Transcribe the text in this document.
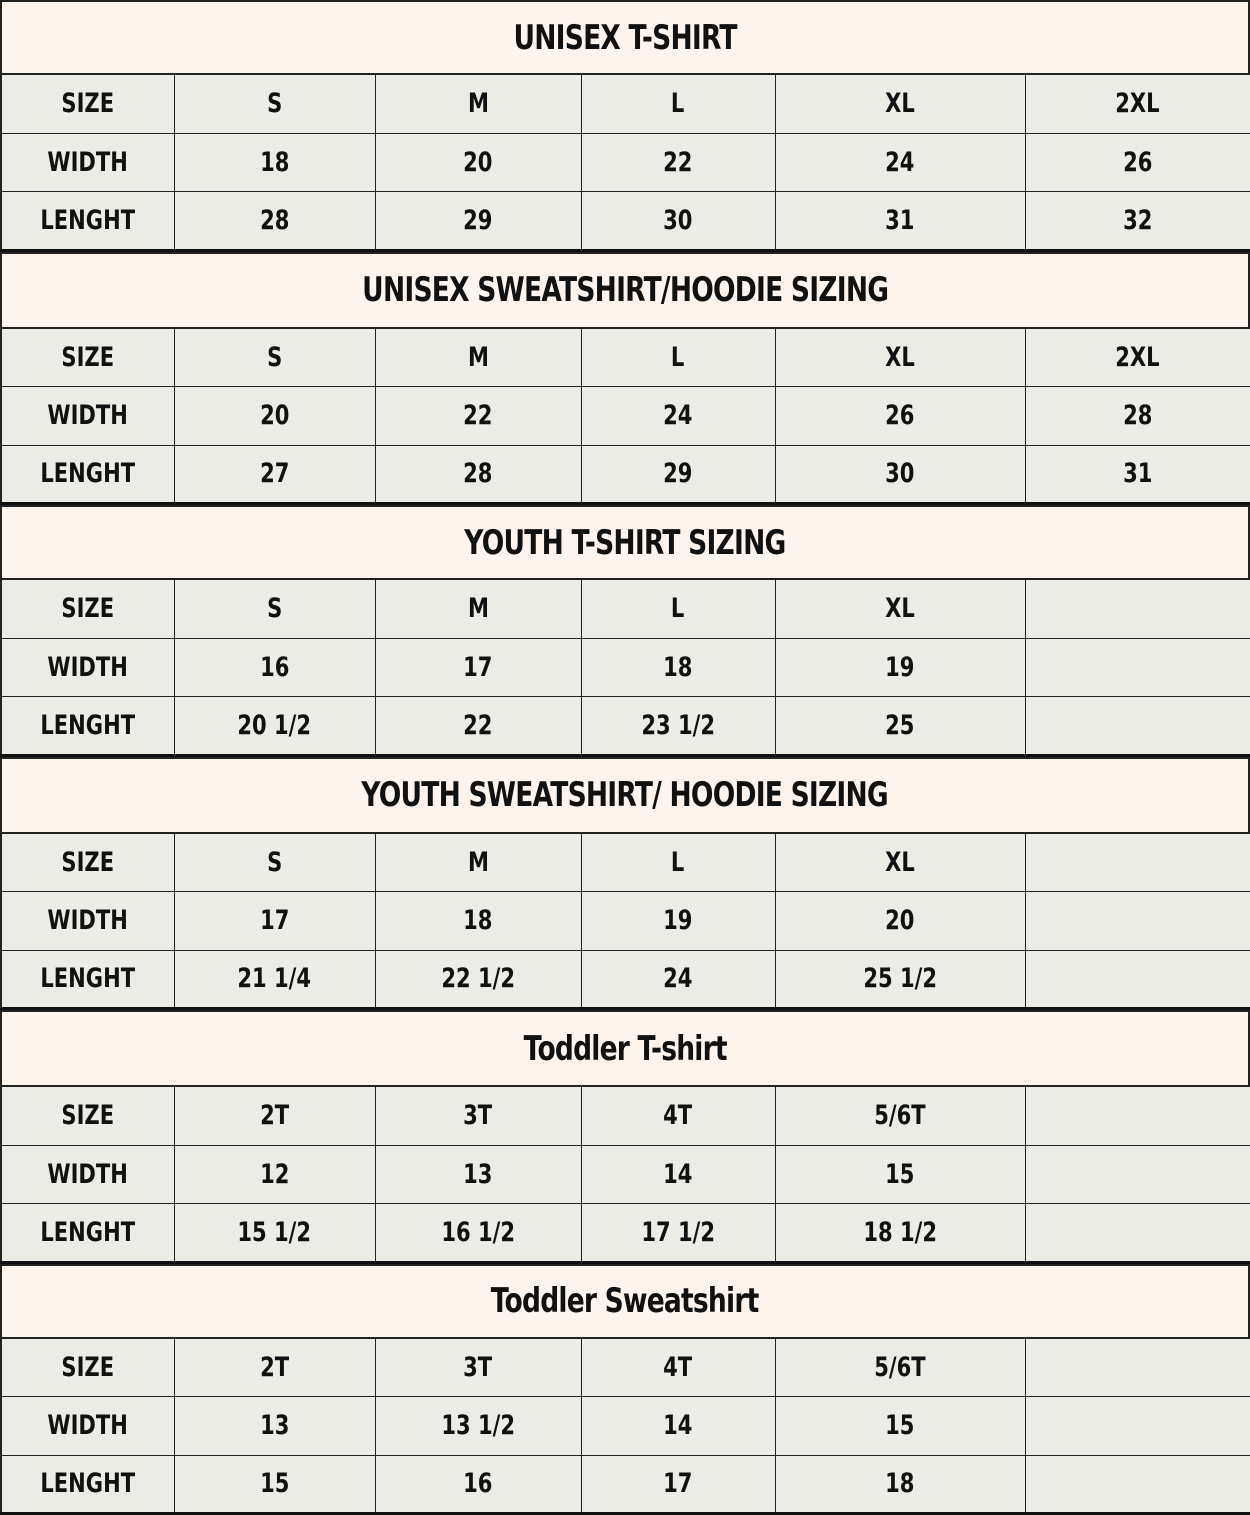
UNISEX T-SHIRT
SIZE	S	M	L	XL	2XL
WIDTH	18	20	22	24	26
LENGHT	28	29	30	31	32
UNISEX SWEATSHIRT/HOODIE SIZING
SIZE	S	M	L	XL	2XL
WIDTH	20	22	24	26	28
LENGHT	27	28	29	30	31
YOUTH T-SHIRT SIZING
SIZE	S	M	L	XL	
WIDTH	16	17	18	19	
LENGHT	20 1/2	22	23 1/2	25	
YOUTH SWEATSHIRT/ HOODIE SIZING
SIZE	S	M	L	XL	
WIDTH	17	18	19	20	
LENGHT	21 1/4	22 1/2	24	25 1/2	
Toddler T-shirt
SIZE	2T	3T	4T	5/6T	
WIDTH	12	13	14	15	
LENGHT	15 1/2	16 1/2	17 1/2	18 1/2	
Toddler Sweatshirt
SIZE	2T	3T	4T	5/6T	
WIDTH	13	13 1/2	14	15	
LENGHT	15	16	17	18	
